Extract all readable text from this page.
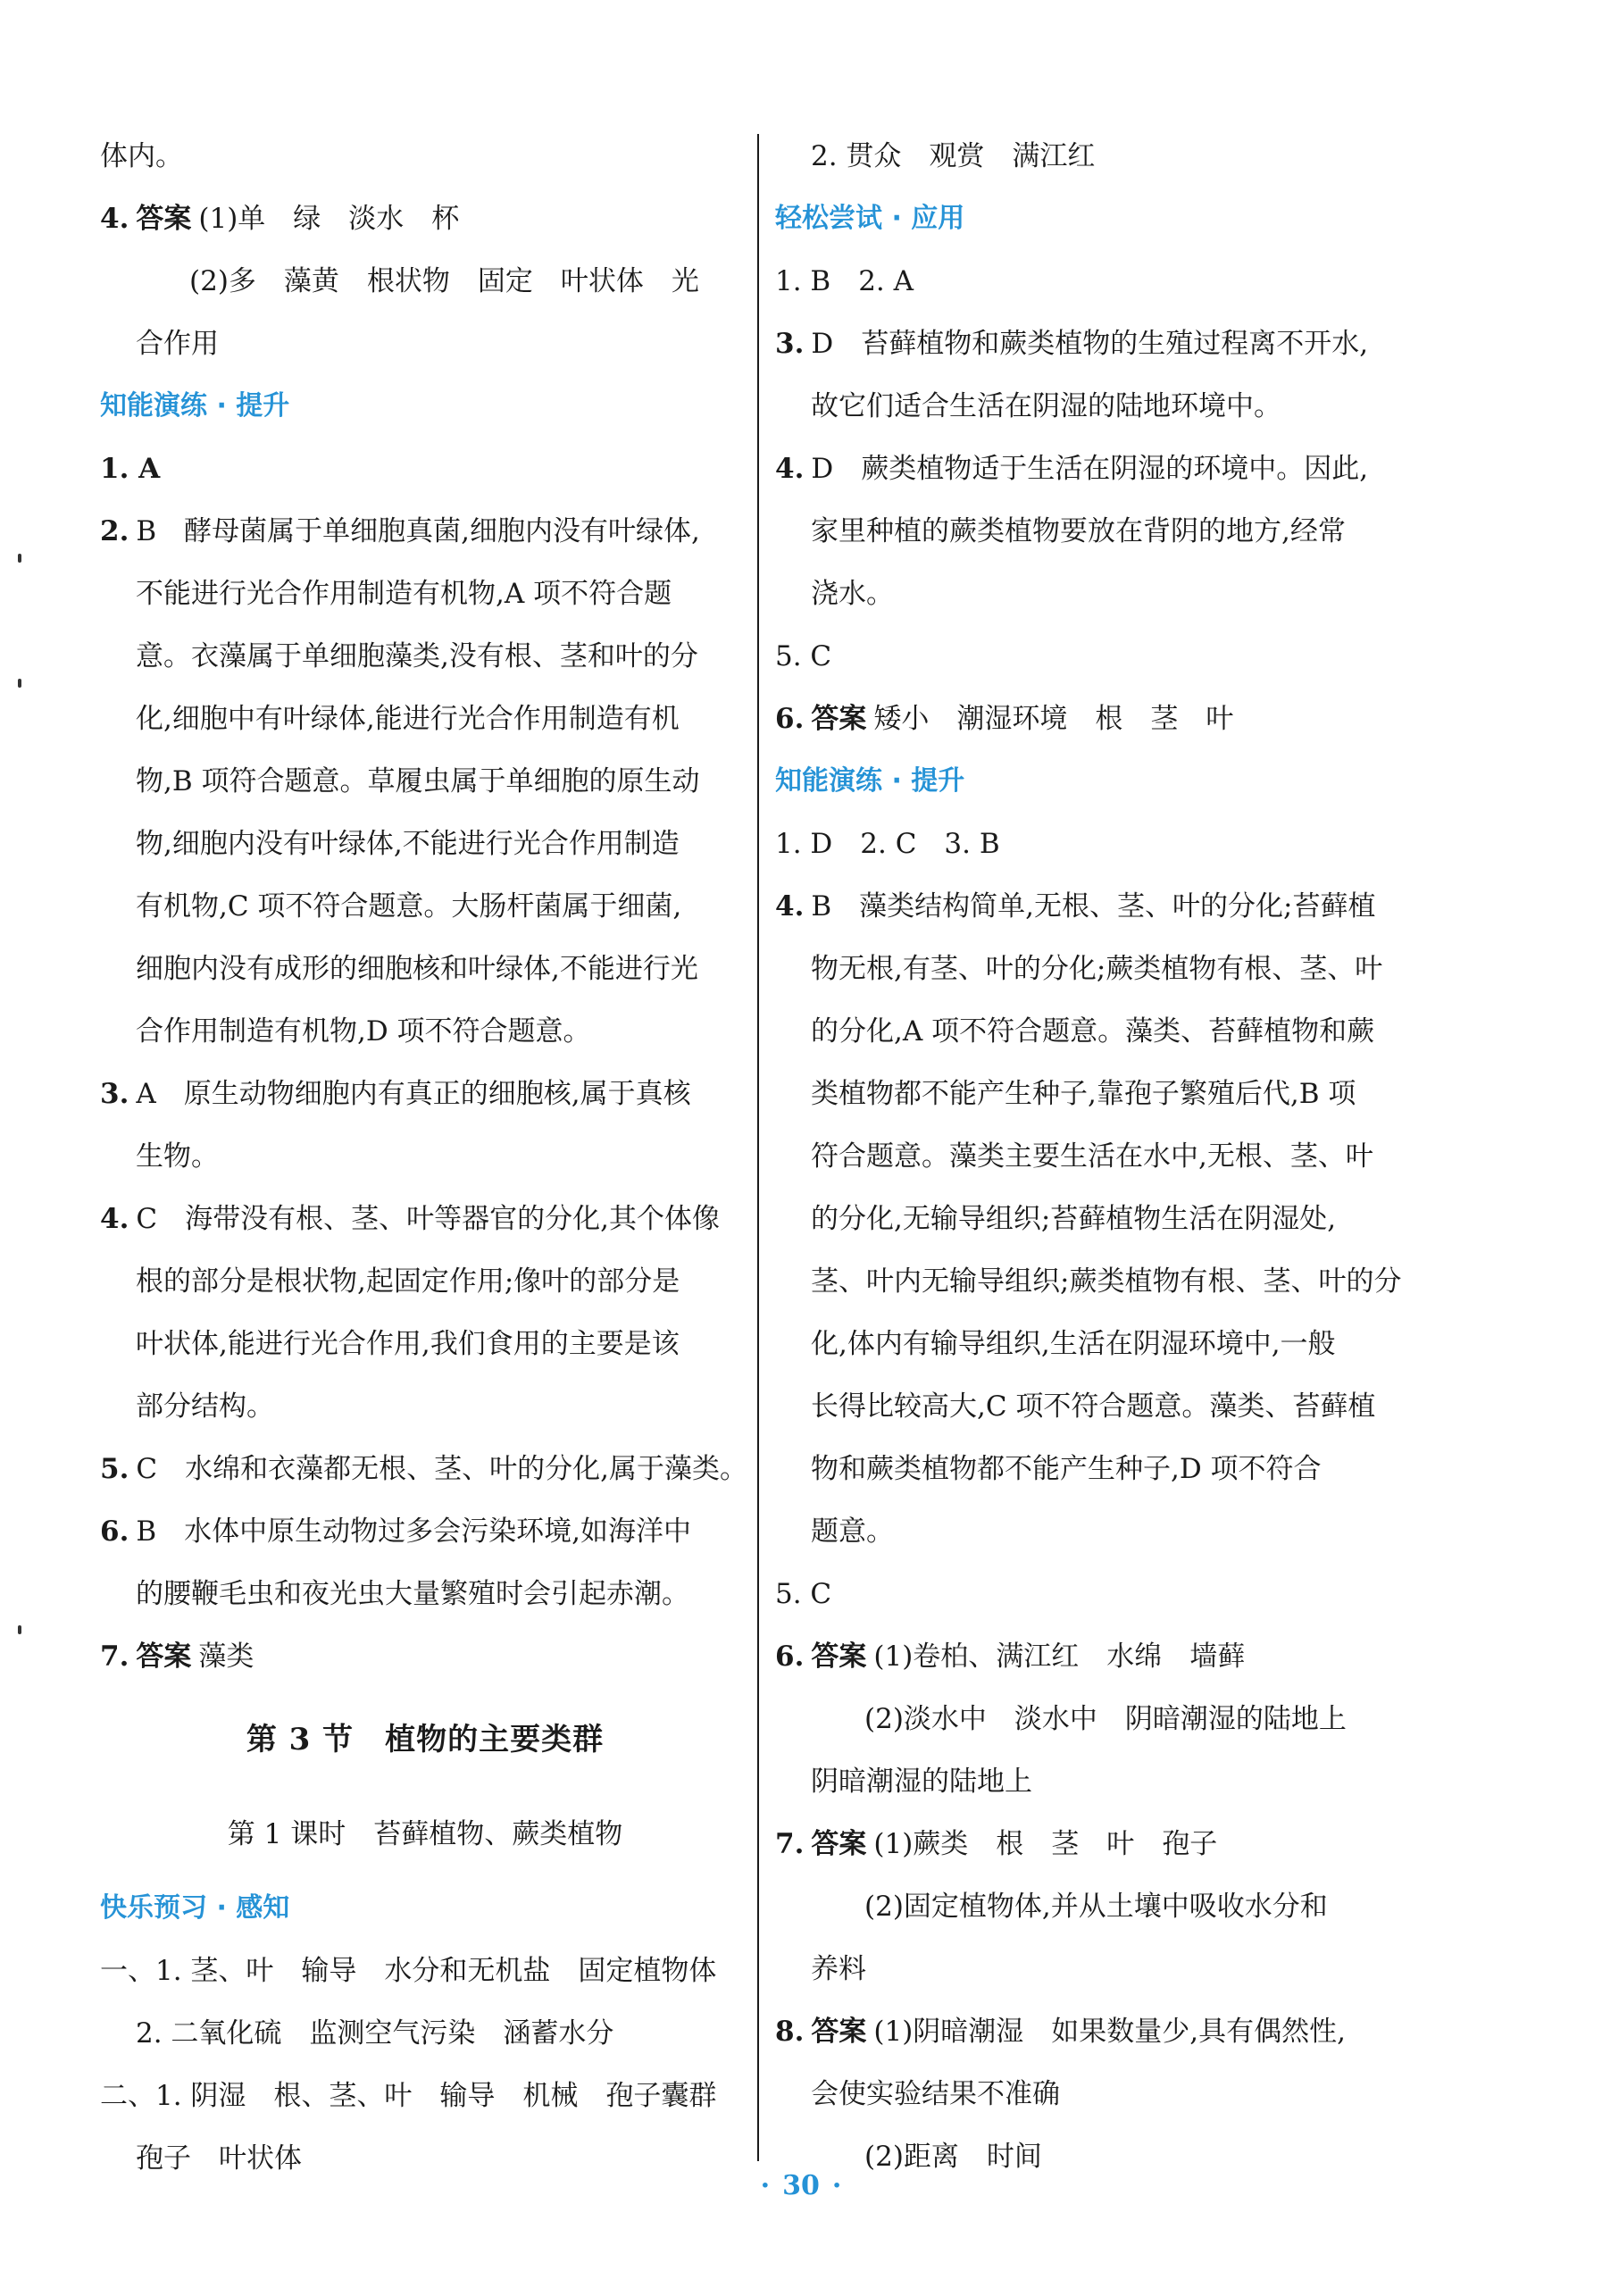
体内。
4. 答案 (1)单　绿　淡水　杯
(2)多　藻黄　根状物　固定　叶状体　光
合作用
知能演练 · 提升
1. A
2. B　酵母菌属于单细胞真菌,细胞内没有叶绿体,
不能进行光合作用制造有机物,A 项不符合题
意。衣藻属于单细胞藻类,没有根、茎和叶的分
化,细胞中有叶绿体,能进行光合作用制造有机
物,B 项符合题意。草履虫属于单细胞的原生动
物,细胞内没有叶绿体,不能进行光合作用制造
有机物,C 项不符合题意。大肠杆菌属于细菌,
细胞内没有成形的细胞核和叶绿体,不能进行光
合作用制造有机物,D 项不符合题意。
3. A　原生动物细胞内有真正的细胞核,属于真核
生物。
4. C　海带没有根、茎、叶等器官的分化,其个体像
根的部分是根状物,起固定作用;像叶的部分是
叶状体,能进行光合作用,我们食用的主要是该
部分结构。
5. C　水绵和衣藻都无根、茎、叶的分化,属于藻类。
6. B　水体中原生动物过多会污染环境,如海洋中
的腰鞭毛虫和夜光虫大量繁殖时会引起赤潮。
7. 答案 藻类
第 3 节　植物的主要类群
第 1 课时　苔藓植物、蕨类植物
快乐预习 · 感知
一、1. 茎、叶　输导　水分和无机盐　固定植物体
2. 二氧化硫　监测空气污染　涵蓄水分
二、1. 阴湿　根、茎、叶　输导　机械　孢子囊群
孢子　叶状体
2. 贯众　观赏　满江红
轻松尝试 · 应用
1. B　2. A
3. D　苔藓植物和蕨类植物的生殖过程离不开水,
故它们适合生活在阴湿的陆地环境中。
4. D　蕨类植物适于生活在阴湿的环境中。因此,
家里种植的蕨类植物要放在背阴的地方,经常
浇水。
5. C
6. 答案 矮小　潮湿环境　根　茎　叶
知能演练 · 提升
1. D　2. C　3. B
4. B　藻类结构简单,无根、茎、叶的分化;苔藓植
物无根,有茎、叶的分化;蕨类植物有根、茎、叶
的分化,A 项不符合题意。藻类、苔藓植物和蕨
类植物都不能产生种子,靠孢子繁殖后代,B 项
符合题意。藻类主要生活在水中,无根、茎、叶
的分化,无输导组织;苔藓植物生活在阴湿处,
茎、叶内无输导组织;蕨类植物有根、茎、叶的分
化,体内有输导组织,生活在阴湿环境中,一般
长得比较高大,C 项不符合题意。藻类、苔藓植
物和蕨类植物都不能产生种子,D 项不符合
题意。
5. C
6. 答案 (1)卷柏、满江红　水绵　墙藓
(2)淡水中　淡水中　阴暗潮湿的陆地上
阴暗潮湿的陆地上
7. 答案 (1)蕨类　根　茎　叶　孢子
(2)固定植物体,并从土壤中吸收水分和
养料
8. 答案 (1)阴暗潮湿　如果数量少,具有偶然性,
会使实验结果不准确
(2)距离　时间
· 30 ·
